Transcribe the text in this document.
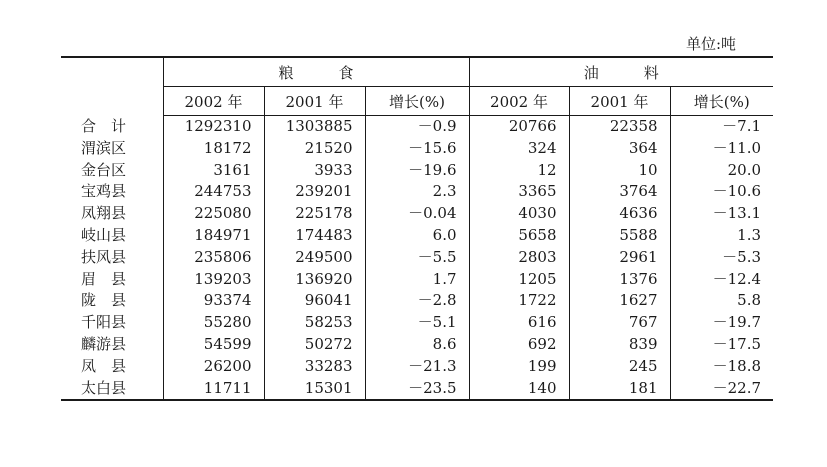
单位:吨
	粮　　　食			油　　　料		
	2002 年	2001 年	增长(%)	2002 年	2001 年	增长(%)
合　计	1292310	1303885	－0.9	20766	22358	－7.1
渭滨区	18172	21520	－15.6	324	364	－11.0
金台区	3161	3933	－19.6	12	10	20.0
宝鸡县	244753	239201	2.3	3365	3764	－10.6
凤翔县	225080	225178	－0.04	4030	4636	－13.1
岐山县	184971	174483	6.0	5658	5588	1.3
扶风县	235806	249500	－5.5	2803	2961	－5.3
眉　县	139203	136920	1.7	1205	1376	－12.4
陇　县	93374	96041	－2.8	1722	1627	5.8
千阳县	55280	58253	－5.1	616	767	－19.7
麟游县	54599	50272	8.6	692	839	－17.5
凤　县	26200	33283	－21.3	199	245	－18.8
太白县	11711	15301	－23.5	140	181	－22.7
